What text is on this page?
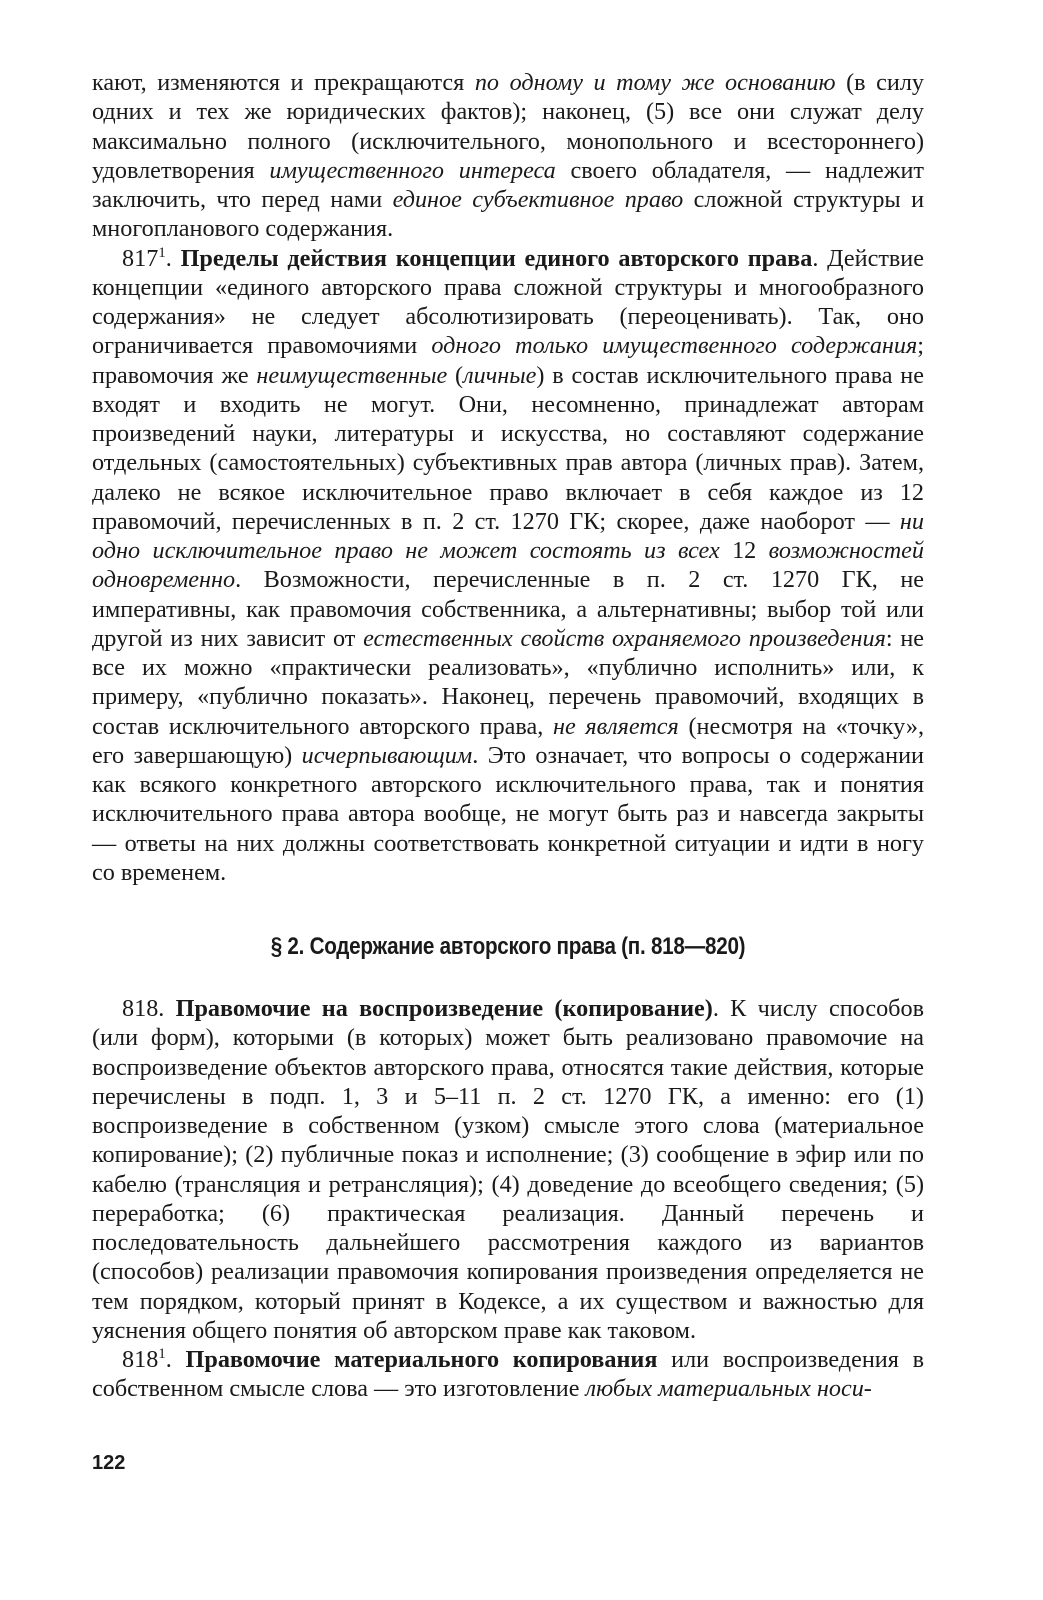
кают, изменяются и прекращаются по одному и тому же основанию (в силу одних и тех же юридических фактов); наконец, (5) все они служат делу максимально полного (исключительного, монопольного и всестороннего) удовлетворения имущественного интереса своего обладателя, — надлежит заключить, что перед нами единое субъективное право сложной структуры и многопланового содержания.

$817^1$. Пределы действия концепции единого авторского права. Действие концепции «единого авторского права сложной структуры и многообразного содержания» не следует абсолютизировать (переоценивать). Так, оно ограничивается правомочиями одного только имущественного содержания; правомочия же неимущественные (личные) в состав исключительного права не входят и входить не могут. Они, несомненно, принадлежат авторам произведений науки, литературы и искусства, но составляют содержание отдельных (самостоятельных) субъективных прав автора (личных прав). Затем, далеко не всякое исключительное право включает в себя каждое из 12 правомочий, перечисленных в п. 2 ст. 1270 ГК; скорее, даже наоборот — ни одно исключительное право не может состоять из всех 12 возможностей одновременно. Возможности, перечисленные в п. 2 ст. 1270 ГК, не императивны, как правомочия собственника, а альтернативны; выбор той или другой из них зависит от естественных свойств охраняемого произведения: не все их можно «практически реализовать», «публично исполнить» или, к примеру, «публично показать». Наконец, перечень правомочий, входящих в состав исключительного авторского права, не является (несмотря на «точку», его завершающую) исчерпывающим. Это означает, что вопросы о содержании как всякого конкретного авторского исключительного права, так и понятия исключительного права автора вообще, не могут быть раз и навсегда закрыты — ответы на них должны соответствовать конкретной ситуации и идти в ногу со временем.

§ 2. Содержание авторского права (п. 818—820)

818. Правомочие на воспроизведение (копирование). К числу способов (или форм), которыми (в которых) может быть реализовано правомочие на воспроизведение объектов авторского права, относятся такие действия, которые перечислены в подп. 1, 3 и 5–11 п. 2 ст. 1270 ГК, а именно: его (1) воспроизведение в собственном (узком) смысле этого слова (материальное копирование); (2) публичные показ и исполнение; (3) сообщение в эфир или по кабелю (трансляция и ретрансляция); (4) доведение до всеобщего сведения; (5) переработка; (6) практическая реализация. Данный перечень и последовательность дальнейшего рассмотрения каждого из вариантов (способов) реализации правомочия копирования произведения определяется не тем порядком, который принят в Кодексе, а их существом и важностью для уяснения общего понятия об авторском праве как таковом.

$818^1$. Правомочие материального копирования или воспроизведения в собственном смысле слова — это изготовление любых материальных носи-

122
